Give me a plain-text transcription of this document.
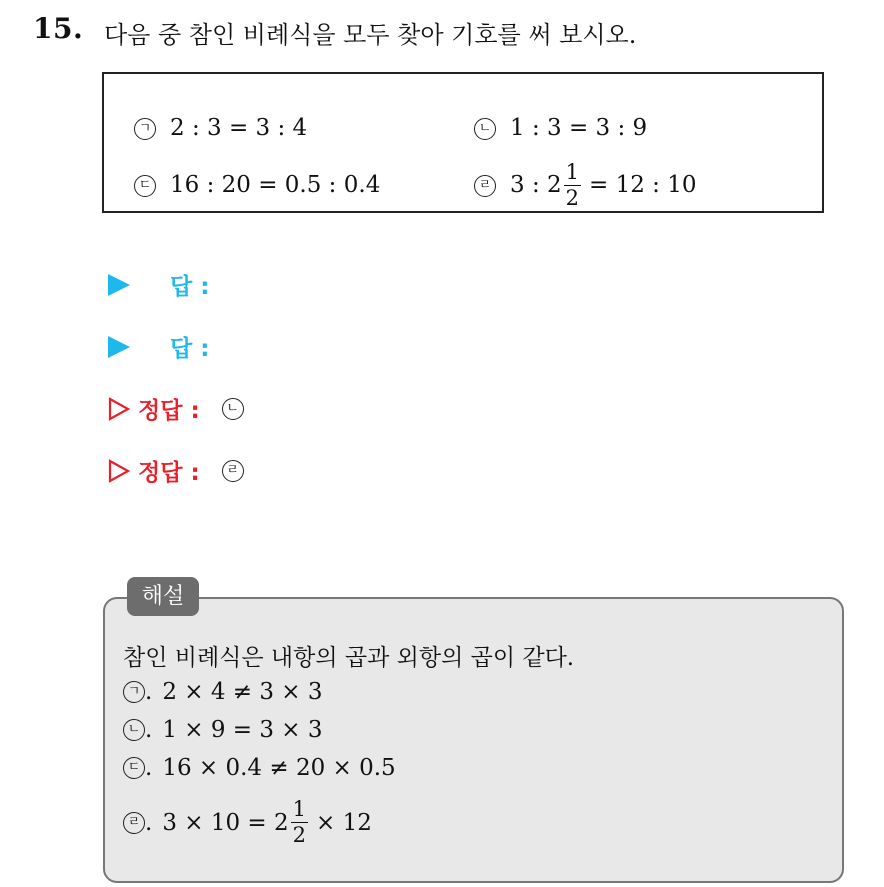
15. 다음 중 참인 비례식을 모두 찾아 기호를 써 보시오.
ㄱ 2 : 3 = 3 : 4	ㄴ 1 : 3 = 3 : 9
ㄷ 16 : 20 = 0.5 : 0.4	ㄹ 3 : $2 \frac{1}{2} = 12$ : 10
답 :
답 :
정답 :	ㄴ
정답 :	ㄹ
해설
참인 비례식은 내항의 곱과 외항의 곱이 같다.
ㄱ . 2 × 4 ≠ 3 × 3
ㄴ . 1 × 9 = 3 × 3
ㄷ . 16 × 0.4 ≠ 20 × 0.5
ㄹ . $3 \times 10 = 2 \frac{1}{2} \times 12$
